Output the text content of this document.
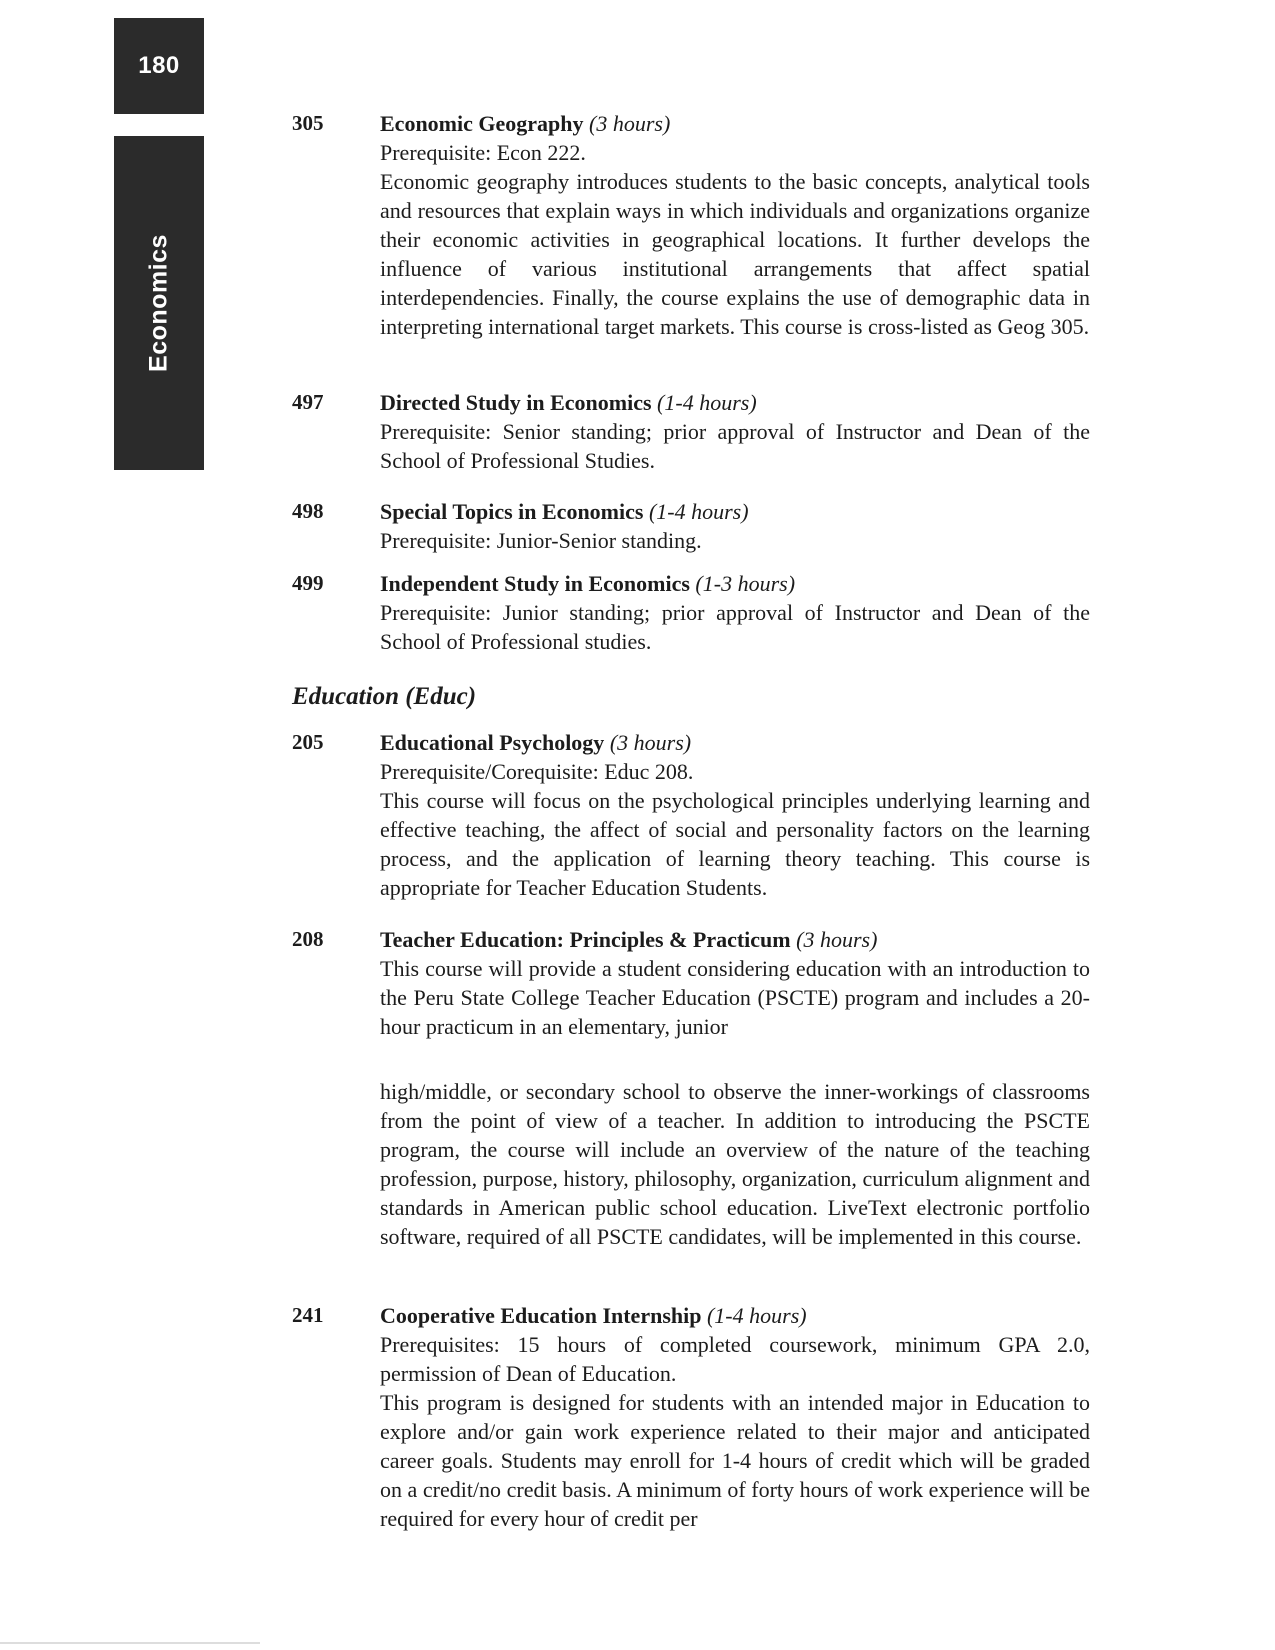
180
Economics
305	Economic Geography (3 hours)
Prerequisite: Econ 222.
Economic geography introduces students to the basic concepts, analytical tools and resources that explain ways in which individuals and organizations organize their economic activities in geographical locations. It further develops the influence of various institutional arrangements that affect spatial interdependencies. Finally, the course explains the use of demographic data in interpreting international target markets. This course is cross-listed as Geog 305.
497	Directed Study in Economics (1-4 hours)
Prerequisite: Senior standing; prior approval of Instructor and Dean of the School of Professional Studies.
498	Special Topics in Economics (1-4 hours)
Prerequisite: Junior-Senior standing.
499	Independent Study in Economics (1-3 hours)
Prerequisite: Junior standing; prior approval of Instructor and Dean of the School of Professional studies.
Education (Educ)
205	Educational Psychology (3 hours)
Prerequisite/Corequisite: Educ 208.
This course will focus on the psychological principles underlying learning and effective teaching, the affect of social and personality factors on the learning process, and the application of learning theory teaching. This course is appropriate for Teacher Education Students.
208	Teacher Education: Principles & Practicum (3 hours)
This course will provide a student considering education with an introduction to the Peru State College Teacher Education (PSCTE) program and includes a 20-hour practicum in an elementary, junior
high/middle, or secondary school to observe the inner-workings of classrooms from the point of view of a teacher. In addition to introducing the PSCTE program, the course will include an overview of the nature of the teaching profession, purpose, history, philosophy, organization, curriculum alignment and standards in American public school education. LiveText electronic portfolio software, required of all PSCTE candidates, will be implemented in this course.
241	Cooperative Education Internship (1-4 hours)
Prerequisites: 15 hours of completed coursework, minimum GPA 2.0, permission of Dean of Education.
This program is designed for students with an intended major in Education to explore and/or gain work experience related to their major and anticipated career goals. Students may enroll for 1-4 hours of credit which will be graded on a credit/no credit basis. A minimum of forty hours of work experience will be required for every hour of credit per
